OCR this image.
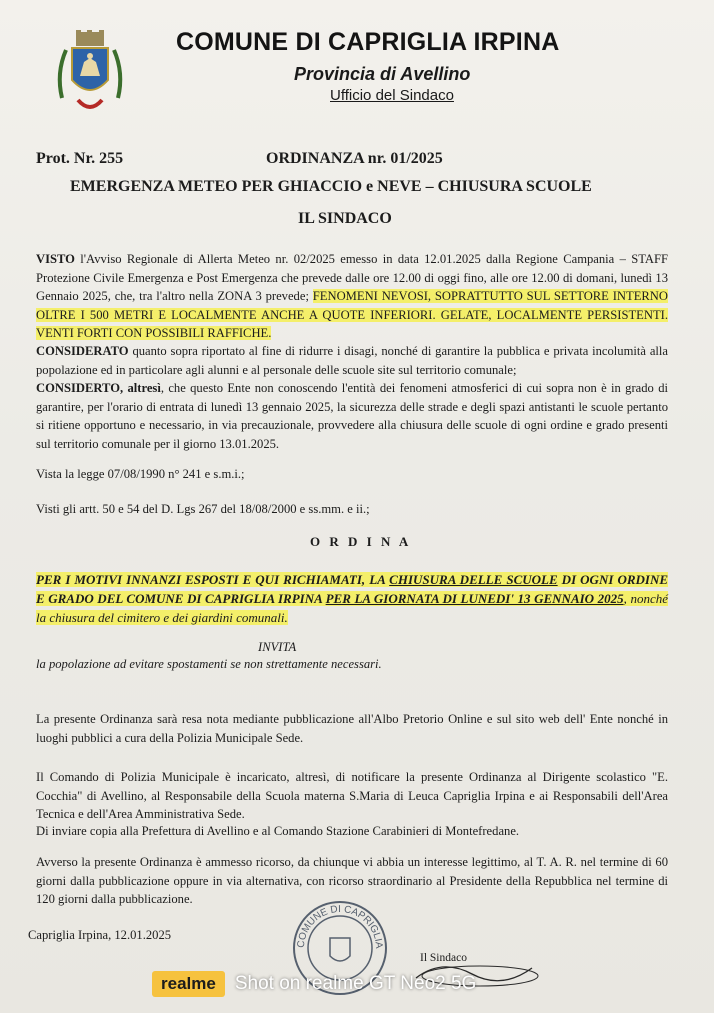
COMUNE DI CAPRIGLIA IRPINA
Provincia di Avellino
Ufficio del Sindaco
Prot. Nr. 255	ORDINANZA nr. 01/2025
EMERGENZA METEO PER GHIACCIO e NEVE – CHIUSURA SCUOLE
IL SINDACO
VISTO l'Avviso Regionale di Allerta Meteo nr. 02/2025 emesso in data 12.01.2025 dalla Regione Campania – STAFF Protezione Civile Emergenza e Post Emergenza che prevede dalle ore 12.00 di oggi fino, alle ore 12.00 di domani, lunedì 13 Gennaio 2025, che, tra l'altro nella ZONA 3 prevede; FENOMENI NEVOSI, SOPRATTUTTO SUL SETTORE INTERNO OLTRE I 500 METRI E LOCALMENTE ANCHE A QUOTE INFERIORI. GELATE, LOCALMENTE PERSISTENTI. VENTI FORTI CON POSSIBILI RAFFICHE.
CONSIDERATO quanto sopra riportato al fine di ridurre i disagi, nonché di garantire la pubblica e privata incolumità alla popolazione ed in particolare agli alunni e al personale delle scuole site sul territorio comunale;
CONSIDERTO, altresì, che questo Ente non conoscendo l'entità dei fenomeni atmosferici di cui sopra non è in grado di garantire, per l'orario di entrata di lunedì 13 gennaio 2025, la sicurezza delle strade e degli spazi antistanti le scuole pertanto si ritiene opportuno e necessario, in via precauzionale, provvedere alla chiusura delle scuole di ogni ordine e grado presenti sul territorio comunale per il giorno 13.01.2025.
Vista la legge 07/08/1990 n° 241 e s.m.i.;
Visti gli artt. 50 e 54 del D. Lgs 267 del 18/08/2000 e ss.mm. e ii.;
O R D I N A
PER I MOTIVI INNANZI ESPOSTI E QUI RICHIAMATI, LA CHIUSURA DELLE SCUOLE DI OGNI ORDINE E GRADO DEL COMUNE DI CAPRIGLIA IRPINA PER LA GIORNATA DI LUNEDI' 13 GENNAIO 2025, nonché la chiusura del cimitero e dei giardini comunali.
INVITA
la popolazione ad evitare spostamenti se non strettamente necessari.
La presente Ordinanza sarà resa nota mediante pubblicazione all'Albo Pretorio Online e sul sito web dell' Ente nonché in luoghi pubblici a cura della Polizia Municipale Sede.
Il Comando di Polizia Municipale è incaricato, altresì, di notificare la presente Ordinanza al Dirigente scolastico "E. Cocchia" di Avellino, al Responsabile della Scuola materna S.Maria di Leuca Capriglia Irpina e ai Responsabili dell'Area Tecnica e dell'Area Amministrativa Sede.
Di inviare copia alla Prefettura di Avellino e al Comando Stazione Carabinieri di Montefredane.
Avverso la presente Ordinanza è ammesso ricorso, da chiunque vi abbia un interesse legittimo, al T. A. R. nel termine di 60 giorni dalla pubblicazione oppure in via alternativa, con ricorso straordinario al Presidente della Repubblica nel termine di 120 giorni dalla pubblicazione.
Capriglia Irpina, 12.01.2025
COMUNE DI CAPRIGLIA
Il Sindaco
realme	Shot on realme GT Neo2 5G
